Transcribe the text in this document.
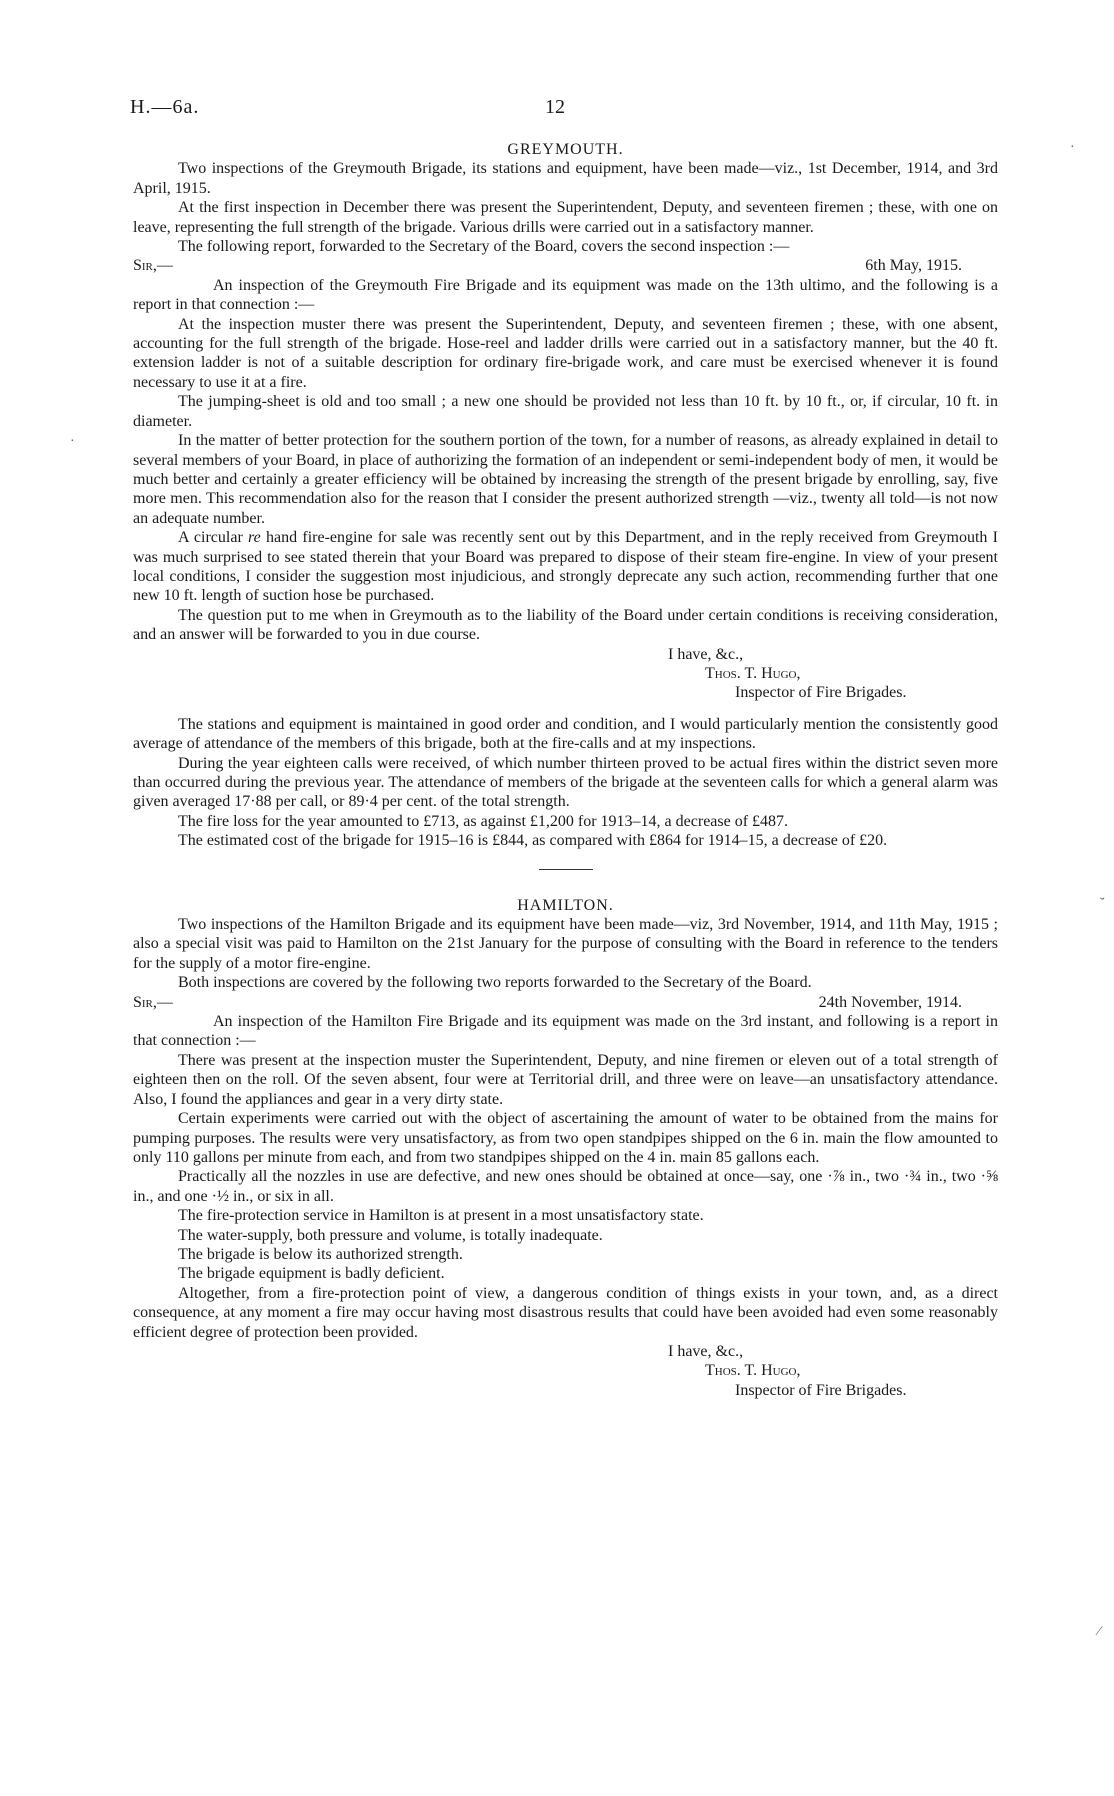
H.—6a.	12

GREYMOUTH.

Two inspections of the Greymouth Brigade, its stations and equipment, have been made—viz., 1st December, 1914, and 3rd April, 1915.

At the first inspection in December there was present the Superintendent, Deputy, and seventeen firemen ; these, with one on leave, representing the full strength of the brigade. Various drills were carried out in a satisfactory manner.

The following report, forwarded to the Secretary of the Board, covers the second inspection :—

Sir,—	6th May, 1915.

An inspection of the Greymouth Fire Brigade and its equipment was made on the 13th ultimo, and the following is a report in that connection :—

At the inspection muster there was present the Superintendent, Deputy, and seventeen firemen ; these, with one absent, accounting for the full strength of the brigade. Hose-reel and ladder drills were carried out in a satisfactory manner, but the 40 ft. extension ladder is not of a suitable description for ordinary fire-brigade work, and care must be exercised whenever it is found necessary to use it at a fire.

The jumping-sheet is old and too small ; a new one should be provided not less than 10 ft. by 10 ft., or, if circular, 10 ft. in diameter.

In the matter of better protection for the southern portion of the town, for a number of reasons, as already explained in detail to several members of your Board, in place of authorizing the formation of an independent or semi-independent body of men, it would be much better and certainly a greater efficiency will be obtained by increasing the strength of the present brigade by enrolling, say, five more men. This recommendation also for the reason that I consider the present authorized strength —viz., twenty all told—is not now an adequate number.

A circular re hand fire-engine for sale was recently sent out by this Department, and in the reply received from Greymouth I was much surprised to see stated therein that your Board was prepared to dispose of their steam fire-engine. In view of your present local conditions, I consider the suggestion most injudicious, and strongly deprecate any such action, recommending further that one new 10 ft. length of suction hose be purchased.

The question put to me when in Greymouth as to the liability of the Board under certain conditions is receiving consideration, and an answer will be forwarded to you in due course.

I have, &c.,

Thos. T. Hugo,

Inspector of Fire Brigades.

The stations and equipment is maintained in good order and condition, and I would particularly mention the consistently good average of attendance of the members of this brigade, both at the fire-calls and at my inspections.

During the year eighteen calls were received, of which number thirteen proved to be actual fires within the district seven more than occurred during the previous year. The attendance of members of the brigade at the seventeen calls for which a general alarm was given averaged 17·88 per call, or 89·4 per cent. of the total strength.

The fire loss for the year amounted to £713, as against £1,200 for 1913–14, a decrease of £487.

The estimated cost of the brigade for 1915–16 is £844, as compared with £864 for 1914–15, a decrease of £20.

HAMILTON.

Two inspections of the Hamilton Brigade and its equipment have been made—viz, 3rd November, 1914, and 11th May, 1915 ; also a special visit was paid to Hamilton on the 21st January for the purpose of consulting with the Board in reference to the tenders for the supply of a motor fire-engine.

Both inspections are covered by the following two reports forwarded to the Secretary of the Board.

Sir,—	24th November, 1914.

An inspection of the Hamilton Fire Brigade and its equipment was made on the 3rd instant, and following is a report in that connection :—

There was present at the inspection muster the Superintendent, Deputy, and nine firemen or eleven out of a total strength of eighteen then on the roll. Of the seven absent, four were at Territorial drill, and three were on leave—an unsatisfactory attendance. Also, I found the appliances and gear in a very dirty state.

Certain experiments were carried out with the object of ascertaining the amount of water to be obtained from the mains for pumping purposes. The results were very unsatisfactory, as from two open standpipes shipped on the 6 in. main the flow amounted to only 110 gallons per minute from each, and from two standpipes shipped on the 4 in. main 85 gallons each.

Practically all the nozzles in use are defective, and new ones should be obtained at once—say, one ·⅞ in., two ·¾ in., two ·⅝ in., and one ·½ in., or six in all.

The fire-protection service in Hamilton is at present in a most unsatisfactory state.

The water-supply, both pressure and volume, is totally inadequate.

The brigade is below its authorized strength.

The brigade equipment is badly deficient.

Altogether, from a fire-protection point of view, a dangerous condition of things exists in your town, and, as a direct consequence, at any moment a fire may occur having most disastrous results that could have been avoided had even some reasonably efficient degree of protection been provided.

I have, &c.,

Thos. T. Hugo,

Inspector of Fire Brigades.

·
·
˘
⁄
